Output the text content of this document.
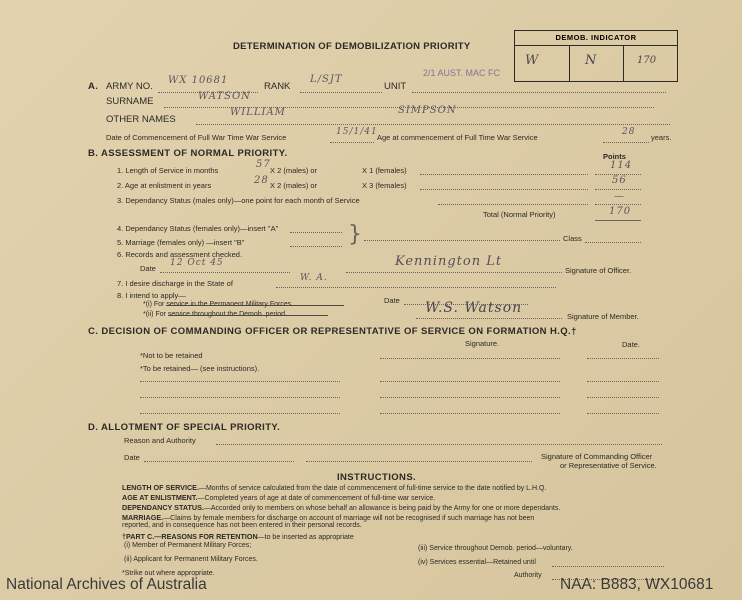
DETERMINATION OF DEMOBILIZATION PRIORITY
DEMOB. INDICATOR
W	N	170
A. ARMY NO.
WX 10681
RANK
L/SJT
UNIT
2/1 AUST. MAC FC
SURNAME	WATSON
OTHER NAMES
WILLIAM	SIMPSON
Date of Commencement of Full War Time War Service
15/1/41
Age at commencement of Full Time War Service
28
years.
B. ASSESSMENT OF NORMAL PRIORITY.	Points
1. Length of Service in months
57
X 2 (males) or	X 1 (females)	114
2. Age at enlistment in years	28 X 2 (males) or	X 3 (females)	56
3. Dependancy Status (males only)—one point for each month of Service	—
Total (Normal Priority)	170
4. Dependancy Status (females only)—insert "A"
5. Marriage (females only) —insert "B"	}	Class
6. Records and assessment checked.
Date
12 Oct 45	Kennington Lt
Signature of Officer.
7. I desire discharge in the State of
W. A.
8. I intend to apply—
*(i) For service in the Permanent Military Forces.
*(ii) For service throughout the Demob. period.
Date W.S. Watson
Signature of Member.
C. DECISION OF COMMANDING OFFICER OR REPRESENTATIVE OF SERVICE ON FORMATION H.Q.†
Signature.	Date.
*Not to be retained
*To be retained— (see instructions).
D. ALLOTMENT OF SPECIAL PRIORITY.
Reason and Authority
Date	Signature of Commanding Officer
or Representative of Service.
INSTRUCTIONS.
LENGTH OF SERVICE.—Months of service calculated from the date of commencement of full-time service to the date notified by L.H.Q.
AGE AT ENLISTMENT.—Completed years of age at date of commencement of full-time war service.
DEPENDANCY STATUS.—Accorded only to members on whose behalf an allowance is being paid by the Army for one or more dependants.
MARRIAGE.—Claims by female members for discharge on account of marriage will not be recognised if such marriage has not been
reported, and in consequence has not been entered in their personal records.
†PART C.—REASONS FOR RETENTION—to be inserted as appropriate
(i) Member of Permanent Military Forces;
(ii) Applicant for Permanent Military Forces.
(iii) Service throughout Demob. period—voluntary.
(iv) Services essential—Retained until
*Strike out where appropriate.	Authority
National Archives of Australia	NAA: B883, WX10681
